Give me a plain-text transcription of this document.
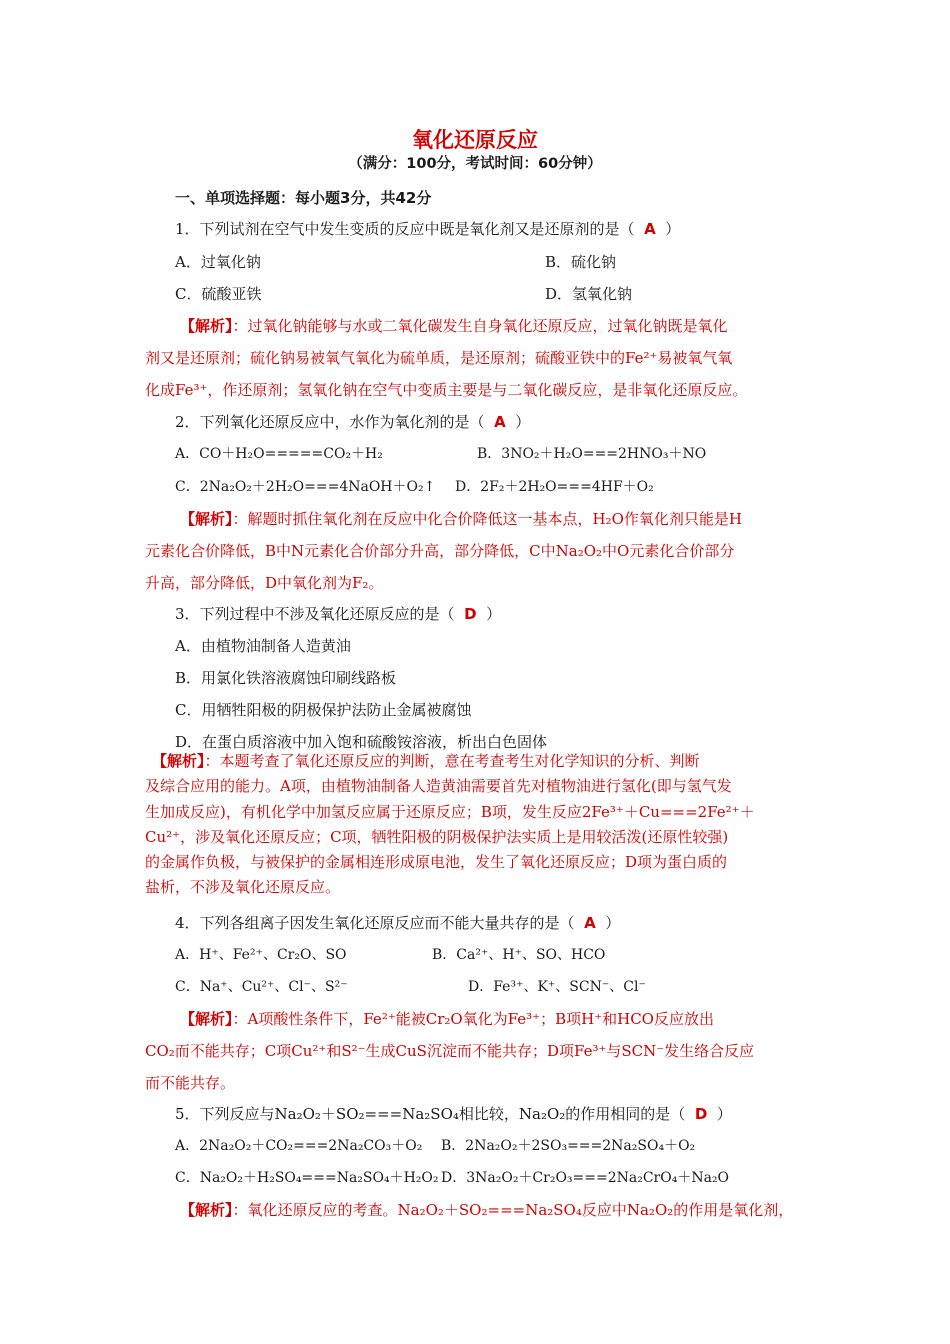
氧化还原反应
（满分：100分，考试时间：60分钟）
一、单项选择题：每小题3分，共42分
1．下列试剂在空气中发生变质的反应中既是氧化剂又是还原剂的是（ A ）
A．过氧化钠	B．硫化钠
C．硫酸亚铁	D．氢氧化钠
【解析】：过氧化钠能够与水或二氧化碳发生自身氧化还原反应，过氧化钠既是氧化
剂又是还原剂；硫化钠易被氧气氧化为硫单质，是还原剂；硫酸亚铁中的Fe²⁺易被氧气氧
化成Fe³⁺，作还原剂；氢氧化钠在空气中变质主要是与二氧化碳反应，是非氧化还原反应。
2．下列氧化还原反应中，水作为氧化剂的是（ A ）
A．CO＋H₂O=====CO₂＋H₂	B．3NO₂＋H₂O===2HNO₃＋NO
C．2Na₂O₂＋2H₂O===4NaOH＋O₂↑ D．2F₂＋2H₂O===4HF＋O₂
【解析】：解题时抓住氧化剂在反应中化合价降低这一基本点，H₂O作氧化剂只能是H
元素化合价降低，B中N元素化合价部分升高，部分降低，C中Na₂O₂中O元素化合价部分
升高，部分降低，D中氧化剂为F₂。
3．下列过程中不涉及氧化还原反应的是（ D ）
A．由植物油制备人造黄油
B．用氯化铁溶液腐蚀印刷线路板
C．用牺牲阳极的阴极保护法防止金属被腐蚀
D．在蛋白质溶液中加入饱和硫酸铵溶液，析出白色固体
【解析】：本题考查了氧化还原反应的判断，意在考查考生对化学知识的分析、判断
及综合应用的能力。A项，由植物油制备人造黄油需要首先对植物油进行氢化(即与氢气发
生加成反应)，有机化学中加氢反应属于还原反应；B项，发生反应2Fe³⁺＋Cu===2Fe²⁺＋
Cu²⁺，涉及氧化还原反应；C项，牺牲阳极的阴极保护法实质上是用较活泼(还原性较强)
的金属作负极，与被保护的金属相连形成原电池，发生了氧化还原反应；D项为蛋白质的
盐析，不涉及氧化还原反应。
4．下列各组离子因发生氧化还原反应而不能大量共存的是（ A ）
A．H⁺、Fe²⁺、Cr₂O、SO	B．Ca²⁺、H⁺、SO、HCO
C．Na⁺、Cu²⁺、Cl⁻、S²⁻	D．Fe³⁺、K⁺、SCN⁻、Cl⁻
【解析】：A项酸性条件下，Fe²⁺能被Cr₂O氧化为Fe³⁺；B项H⁺和HCO反应放出
CO₂而不能共存；C项Cu²⁺和S²⁻生成CuS沉淀而不能共存；D项Fe³⁺与SCN⁻发生络合反应
而不能共存。
5．下列反应与Na₂O₂＋SO₂===Na₂SO₄相比较，Na₂O₂的作用相同的是（ D ）
A．2Na₂O₂＋CO₂===2Na₂CO₃＋O₂ B．2Na₂O₂＋2SO₃===2Na₂SO₄＋O₂
C．Na₂O₂＋H₂SO₄===Na₂SO₄＋H₂O₂ D．3Na₂O₂＋Cr₂O₃===2Na₂CrO₄＋Na₂O
【解析】：氧化还原反应的考查。Na₂O₂＋SO₂===Na₂SO₄反应中Na₂O₂的作用是氧化剂，
